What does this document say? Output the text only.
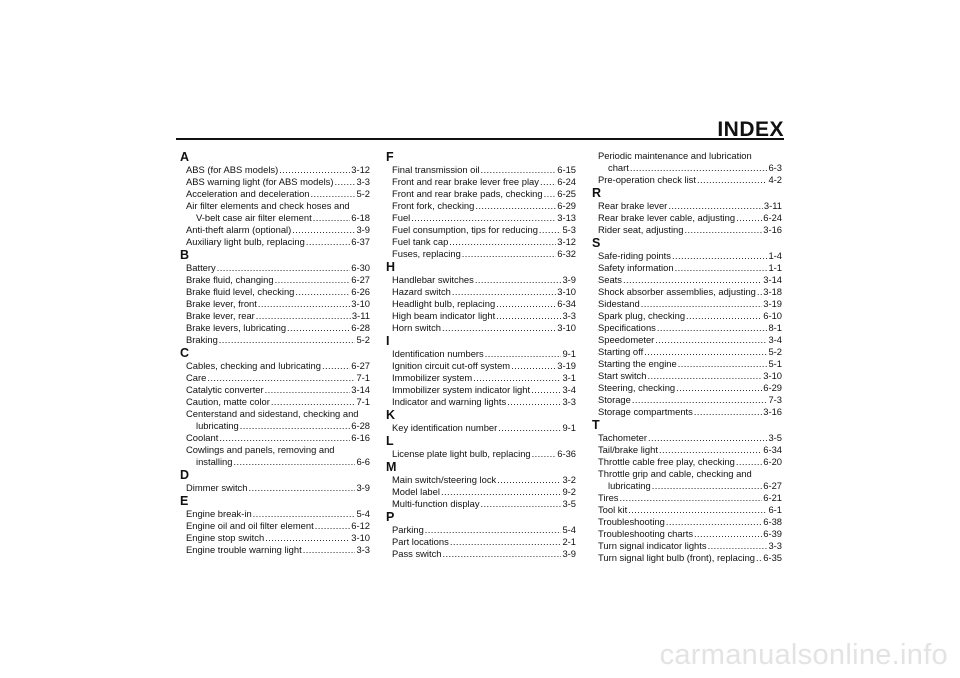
INDEX
A
ABS (for ABS models) .....	3-12
ABS warning light (for ABS models) ..... 3-3
Acceleration and deceleration .....	5-2
Air filter elements and check hoses and
V-belt case air filter element .....	6-18
Anti-theft alarm (optional) .....	3-9
Auxiliary light bulb, replacing .....	6-37
B
Battery .....	6-30
Brake fluid, changing .....	6-27
Brake fluid level, checking .....	6-26
Brake lever, front .....	3-10
Brake lever, rear .....	3-11
Brake levers, lubricating .....	6-28
Braking .....	5-2
C
Cables, checking and lubricating .....	6-27
Care .....	7-1
Catalytic converter .....	3-14
Caution, matte color .....	7-1
Centerstand and sidestand, checking and
lubricating .....	6-28
Coolant .....	6-16
Cowlings and panels, removing and
installing .....	6-6
D
Dimmer switch .....	3-9
E
Engine break-in .....	5-4
Engine oil and oil filter element .....	6-12
Engine stop switch .....	3-10
Engine trouble warning light .....	3-3
F
Final transmission oil .....	6-15
Front and rear brake lever free play ..... 6-24
Front and rear brake pads, checking ..... 6-25
Front fork, checking .....	6-29
Fuel .....	3-13
Fuel consumption, tips for reducing .....	5-3
Fuel tank cap .....	3-12
Fuses, replacing .....	6-32
H
Handlebar switches .....	3-9
Hazard switch .....	3-10
Headlight bulb, replacing .....	6-34
High beam indicator light .....	3-3
Horn switch .....	3-10
I
Identification numbers .....	9-1
Ignition circuit cut-off system .....	3-19
Immobilizer system .....	3-1
Immobilizer system indicator light .....	3-4
Indicator and warning lights .....	3-3
K
Key identification number .....	9-1
L
License plate light bulb, replacing .....	6-36
M
Main switch/steering lock .....	3-2
Model label .....	9-2
Multi-function display .....	3-5
P
Parking .....	5-4
Part locations .....	2-1
Pass switch .....	3-9
Periodic maintenance and lubrication
chart .....	6-3
Pre-operation check list .....	4-2
R
Rear brake lever .....	3-11
Rear brake lever cable, adjusting .....	6-24
Rider seat, adjusting .....	3-16
S
Safe-riding points .....	1-4
Safety information .....	1-1
Seats .....	3-14
Shock absorber assemblies, adjusting ..... 3-18
Sidestand .....	3-19
Spark plug, checking .....	6-10
Specifications .....	8-1
Speedometer .....	3-4
Starting off .....	5-2
Starting the engine .....	5-1
Start switch .....	3-10
Steering, checking .....	6-29
Storage .....	7-3
Storage compartments .....	3-16
T
Tachometer .....	3-5
Tail/brake light .....	6-34
Throttle cable free play, checking .....	6-20
Throttle grip and cable, checking and
lubricating .....	6-27
Tires .....	6-21
Tool kit .....	6-1
Troubleshooting .....	6-38
Troubleshooting charts .....	6-39
Turn signal indicator lights .....	3-3
Turn signal light bulb (front), replacing ..... 6-35
carmanualsonline.info
